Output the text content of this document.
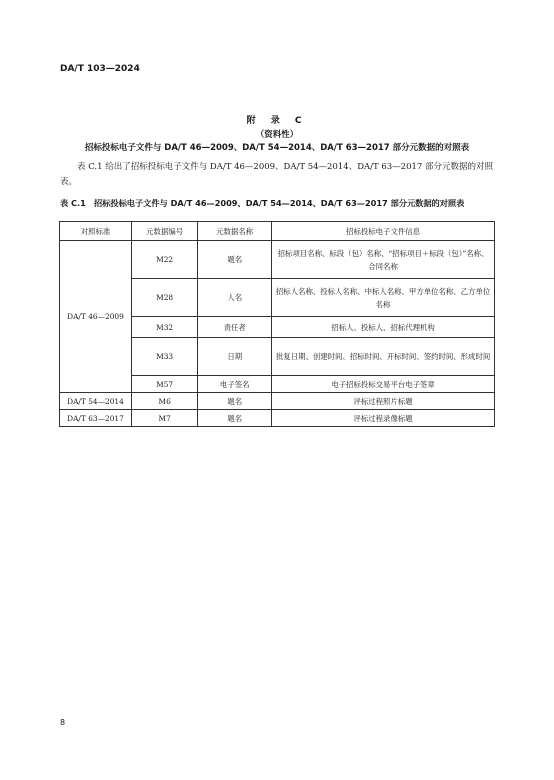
DA/T 103—2024
附 录 C
（资料性）
招标投标电子文件与 DA/T 46—2009、DA/T 54—2014、DA/T 63—2017 部分元数据的对照表
表 C.1 给出了招标投标电子文件与 DA/T 46—2009、DA/T 54—2014、DA/T 63—2017 部分元数据的对照表。
表 C.1　招标投标电子文件与 DA/T 46—2009、DA/T 54—2014、DA/T 63—2017 部分元数据的对照表
对照标准	元数据编号	元数据名称	招标投标电子文件信息
DA/T 46—2009	M22	题名	招标项目名称、标段（包）名称、“招标项目＋标段（包）”名称、合同名称
	M28	人名	招标人名称、投标人名称、中标人名称、甲方单位名称、乙方单位名称
	M32	责任者	招标人、投标人、招标代理机构
	M33	日期	批复日期、创建时间、招标时间、开标时间、签约时间、形成时间
	M57	电子签名	电子招标投标交易平台电子签章
DA/T 54—2014	M6	题名	评标过程照片标题
DA/T 63—2017	M7	题名	评标过程录像标题
8
